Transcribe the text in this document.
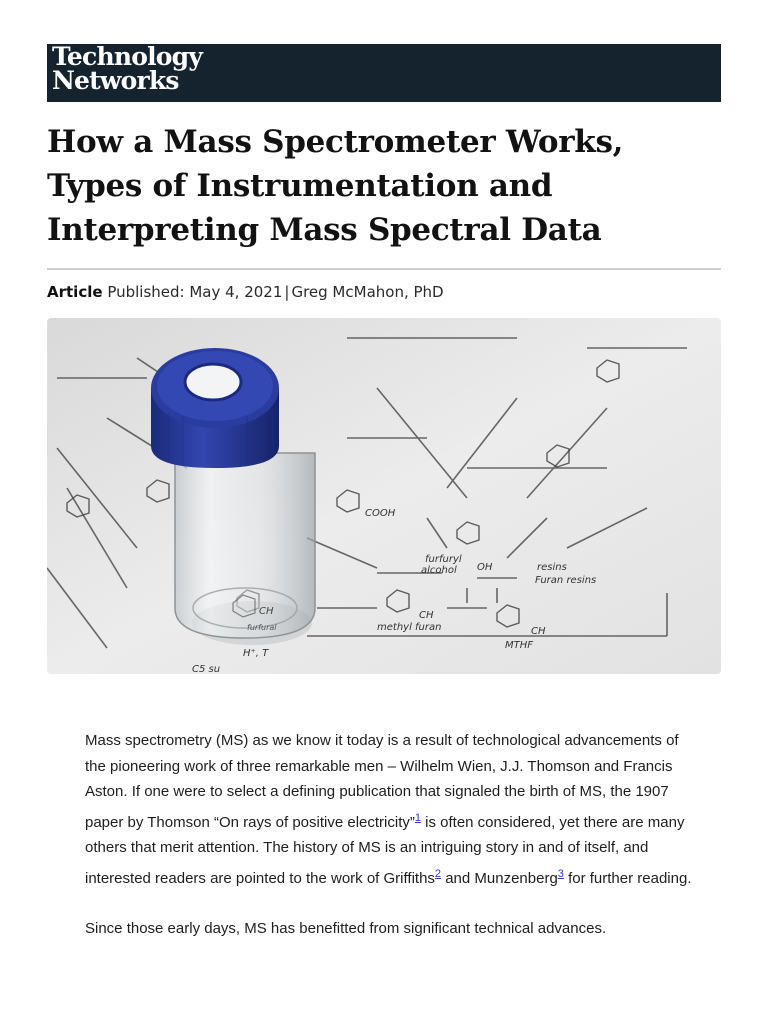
Technology
Networks
How a Mass Spectrometer Works, Types of Instrumentation and Interpreting Mass Spectral Data
Article Published: May 4, 2021 | Greg McMahon, PhD
COOH
furfuryl
alcohol OH	resins
Furan resins
CH
methyl furan	CH
MTHF
H⁺, T
C5 su
CH
furfural

Mass spectrometry (MS) as we know it today is a result of technological advancements of the pioneering work of three remarkable men – Wilhelm Wien, J.J. Thomson and Francis Aston. If one were to select a defining publication that signaled the birth of MS, the 1907 paper by Thomson “On rays of positive electricity”$^1$ is often considered, yet there are many others that merit attention. The history of MS is an intriguing story in and of itself, and interested readers are pointed to the work of Griffiths$^2$ and Munzenberg$^3$ for further reading.

Since those early days, MS has benefitted from significant technical advances.
